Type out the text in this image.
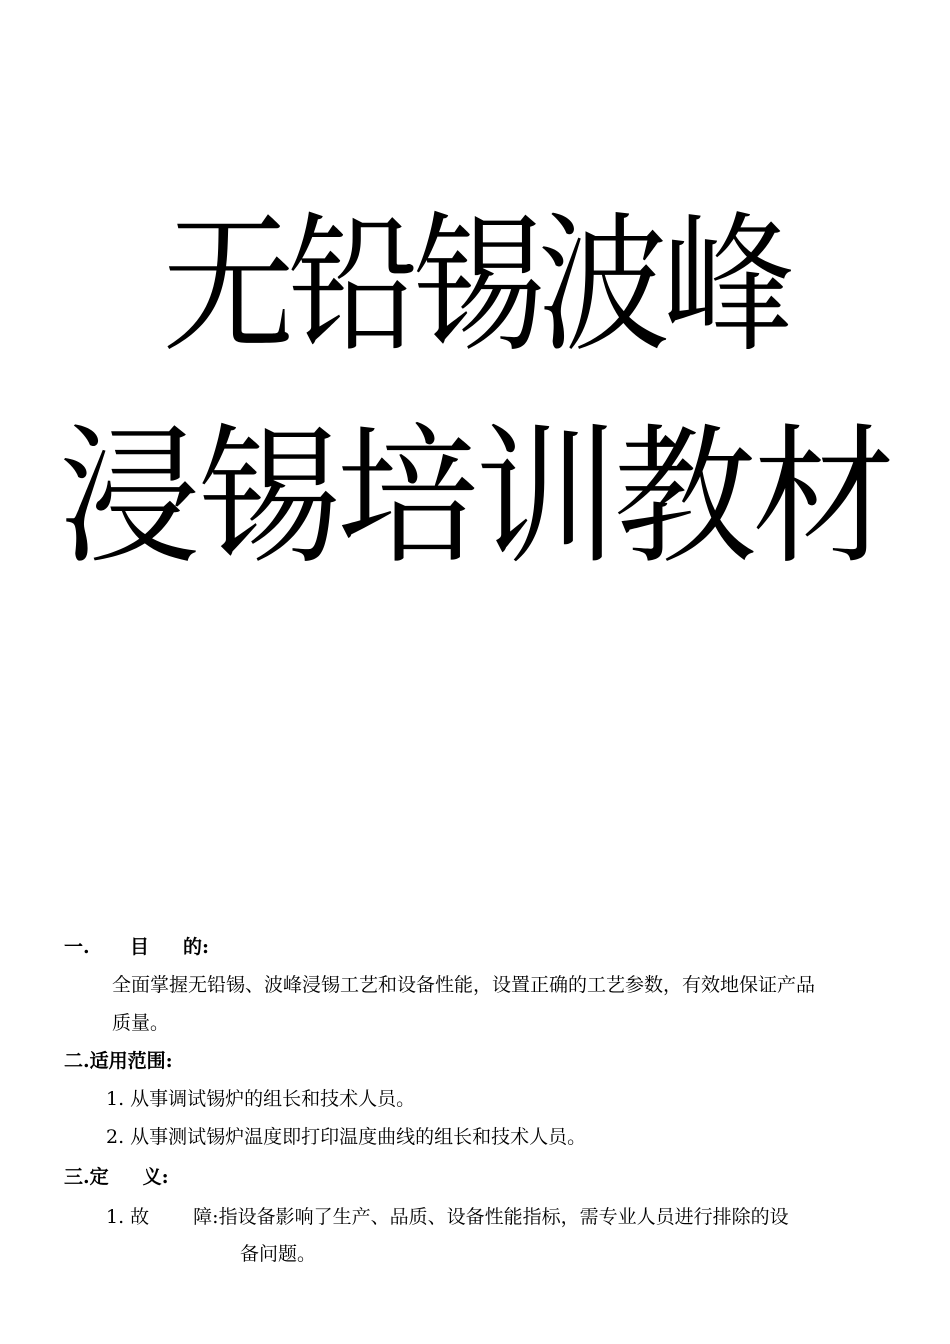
无铅锡波峰
浸锡培训教材
一. 目 的:
全面掌握无铅锡、波峰浸锡工艺和设备性能，设置正确的工艺参数，有效地保证产品
质量。
二.适用范围:
1. 从事调试锡炉的组长和技术人员。
2. 从事测试锡炉温度即打印温度曲线的组长和技术人员。
三.定 义:
1. 故 障:指设备影响了生产、品质、设备性能指标，需专业人员进行排除的设
备问题。
